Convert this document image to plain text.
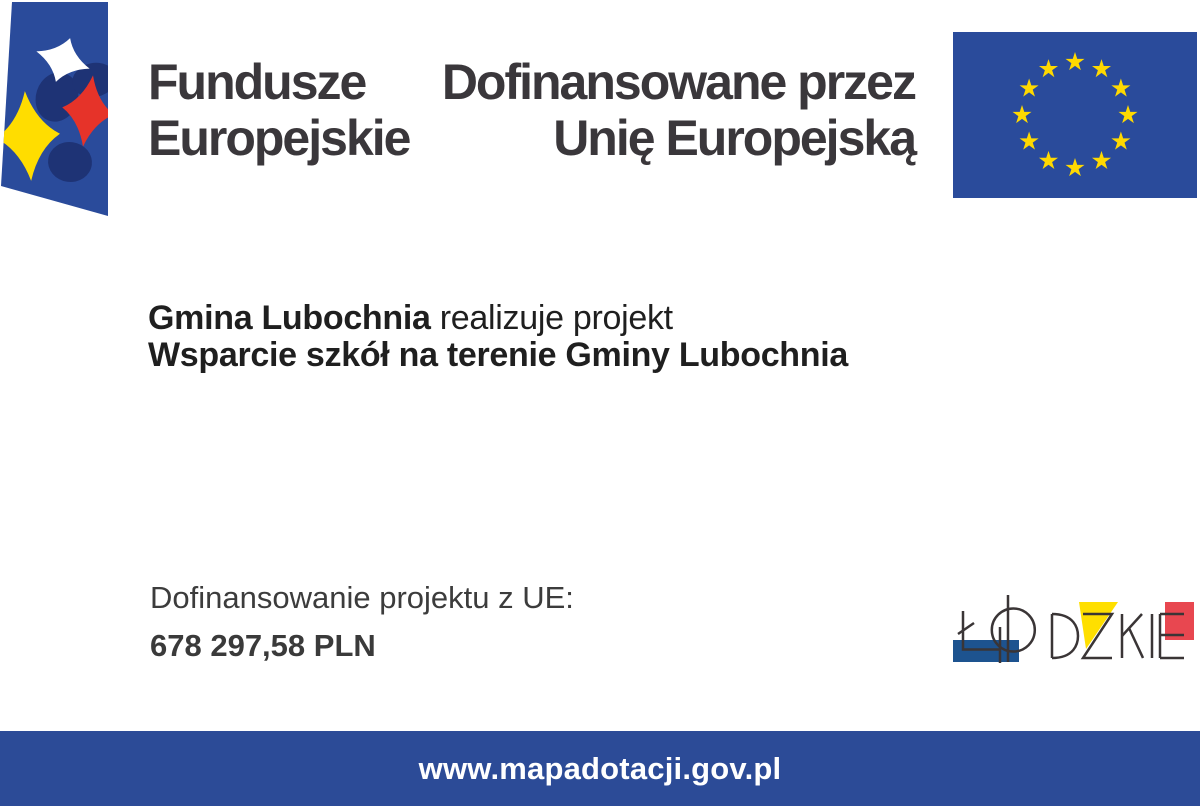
Fundusze
Europejskie
Dofinansowane przez
Unię Europejską

Gmina Lubochnia realizuje projekt

Wsparcie szkół na terenie Gminy Lubochnia

Dofinansowanie projektu z UE:

678 297,58 PLN

www.mapadotacji.gov.pl
